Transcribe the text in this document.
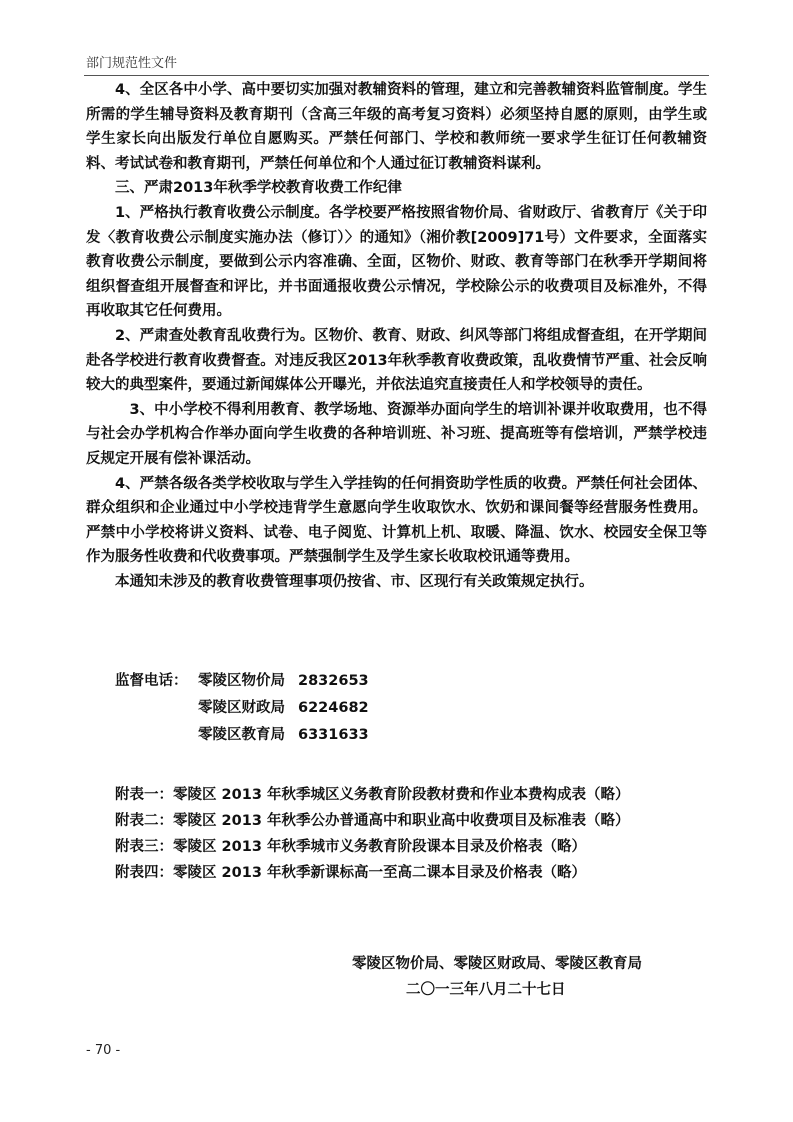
部门规范性文件

4、全区各中小学、高中要切实加强对教辅资料的管理，建立和完善教辅资料监管制度。学生所需的学生辅导资料及教育期刊（含高三年级的高考复习资料）必须坚持自愿的原则，由学生或学生家长向出版发行单位自愿购买。严禁任何部门、学校和教师统一要求学生征订任何教辅资料、考试试卷和教育期刊，严禁任何单位和个人通过征订教辅资料谋利。

三、严肃2013年秋季学校教育收费工作纪律

1、严格执行教育收费公示制度。各学校要严格按照省物价局、省财政厅、省教育厅《关于印发〈教育收费公示制度实施办法（修订）〉的通知》（湘价教[2009]71号）文件要求，全面落实教育收费公示制度，要做到公示内容准确、全面，区物价、财政、教育等部门在秋季开学期间将组织督查组开展督查和评比，并书面通报收费公示情况，学校除公示的收费项目及标准外，不得再收取其它任何费用。

2、严肃查处教育乱收费行为。区物价、教育、财政、纠风等部门将组成督查组，在开学期间赴各学校进行教育收费督查。对违反我区2013年秋季教育收费政策，乱收费情节严重、社会反响较大的典型案件，要通过新闻媒体公开曝光，并依法追究直接责任人和学校领导的责任。

3、中小学校不得利用教育、教学场地、资源举办面向学生的培训补课并收取费用，也不得与社会办学机构合作举办面向学生收费的各种培训班、补习班、提高班等有偿培训，严禁学校违反规定开展有偿补课活动。

4、严禁各级各类学校收取与学生入学挂钩的任何捐资助学性质的收费。严禁任何社会团体、群众组织和企业通过中小学校违背学生意愿向学生收取饮水、饮奶和课间餐等经营服务性费用。严禁中小学校将讲义资料、试卷、电子阅览、计算机上机、取暖、降温、饮水、校园安全保卫等作为服务性收费和代收费事项。严禁强制学生及学生家长收取校讯通等费用。

本通知未涉及的教育收费管理事项仍按省、市、区现行有关政策规定执行。

监督电话： 零陵区物价局 2832653
零陵区财政局 6224682
零陵区教育局 6331633
附表一：零陵区 2013 年秋季城区义务教育阶段教材费和作业本费构成表（略）
附表二：零陵区 2013 年秋季公办普通高中和职业高中收费项目及标准表（略）
附表三：零陵区 2013 年秋季城市义务教育阶段课本目录及价格表（略）
附表四：零陵区 2013 年秋季新课标高一至高二课本目录及价格表（略）
零陵区物价局、零陵区财政局、零陵区教育局
二〇一三年八月二十七日
- 70 -
